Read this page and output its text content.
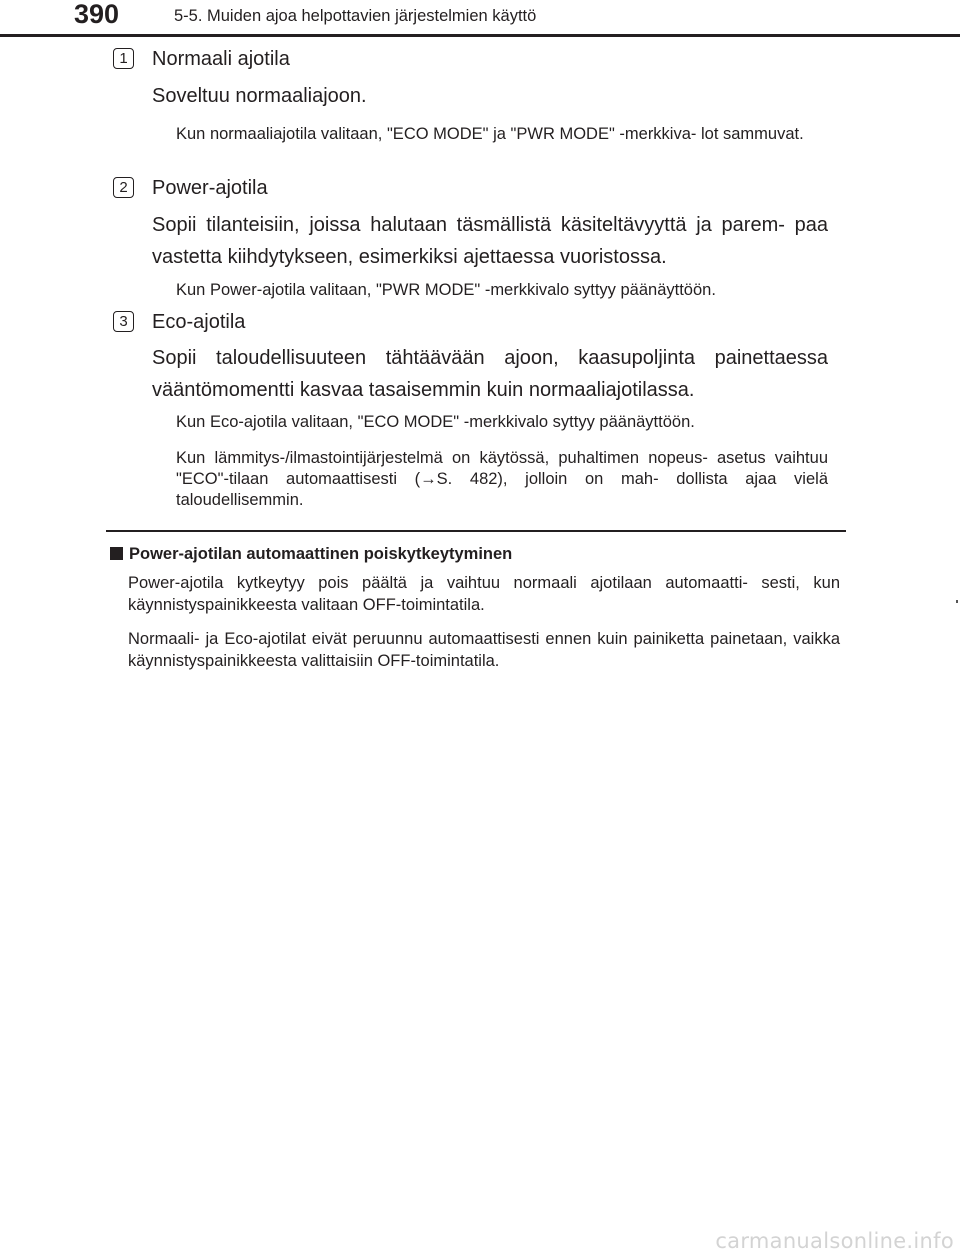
390	5-5. Muiden ajoa helpottavien järjestelmien käyttö
1	Normaali ajotila
Soveltuu normaaliajoon.
Kun normaaliajotila valitaan, "ECO MODE" ja "PWR MODE" -merkkiva- lot sammuvat.
2	Power-ajotila
Sopii tilanteisiin, joissa halutaan täsmällistä käsiteltävyyttä ja parem- paa vastetta kiihdytykseen, esimerkiksi ajettaessa vuoristossa.
Kun Power-ajotila valitaan, "PWR MODE" -merkkivalo syttyy päänäyttöön.
3	Eco-ajotila
Sopii taloudellisuuteen tähtäävään ajoon, kaasupoljinta painettaessa vääntömomentti kasvaa tasaisemmin kuin normaaliajotilassa.
Kun Eco-ajotila valitaan, "ECO MODE" -merkkivalo syttyy päänäyttöön.
Kun lämmitys-/ilmastointijärjestelmä on käytössä, puhaltimen nopeus- asetus vaihtuu "ECO"-tilaan automaattisesti (→S. 482), jolloin on mah- dollista ajaa vielä taloudellisemmin.
Power-ajotilan automaattinen poiskytkeytyminen
Power-ajotila kytkeytyy pois päältä ja vaihtuu normaali ajotilaan automaatti- sesti, kun käynnistyspainikkeesta valitaan OFF-toimintatila.
Normaali- ja Eco-ajotilat eivät peruunnu automaattisesti ennen kuin painiketta painetaan, vaikka käynnistyspainikkeesta valittaisiin OFF-toimintatila.
carmanualsonline.info
